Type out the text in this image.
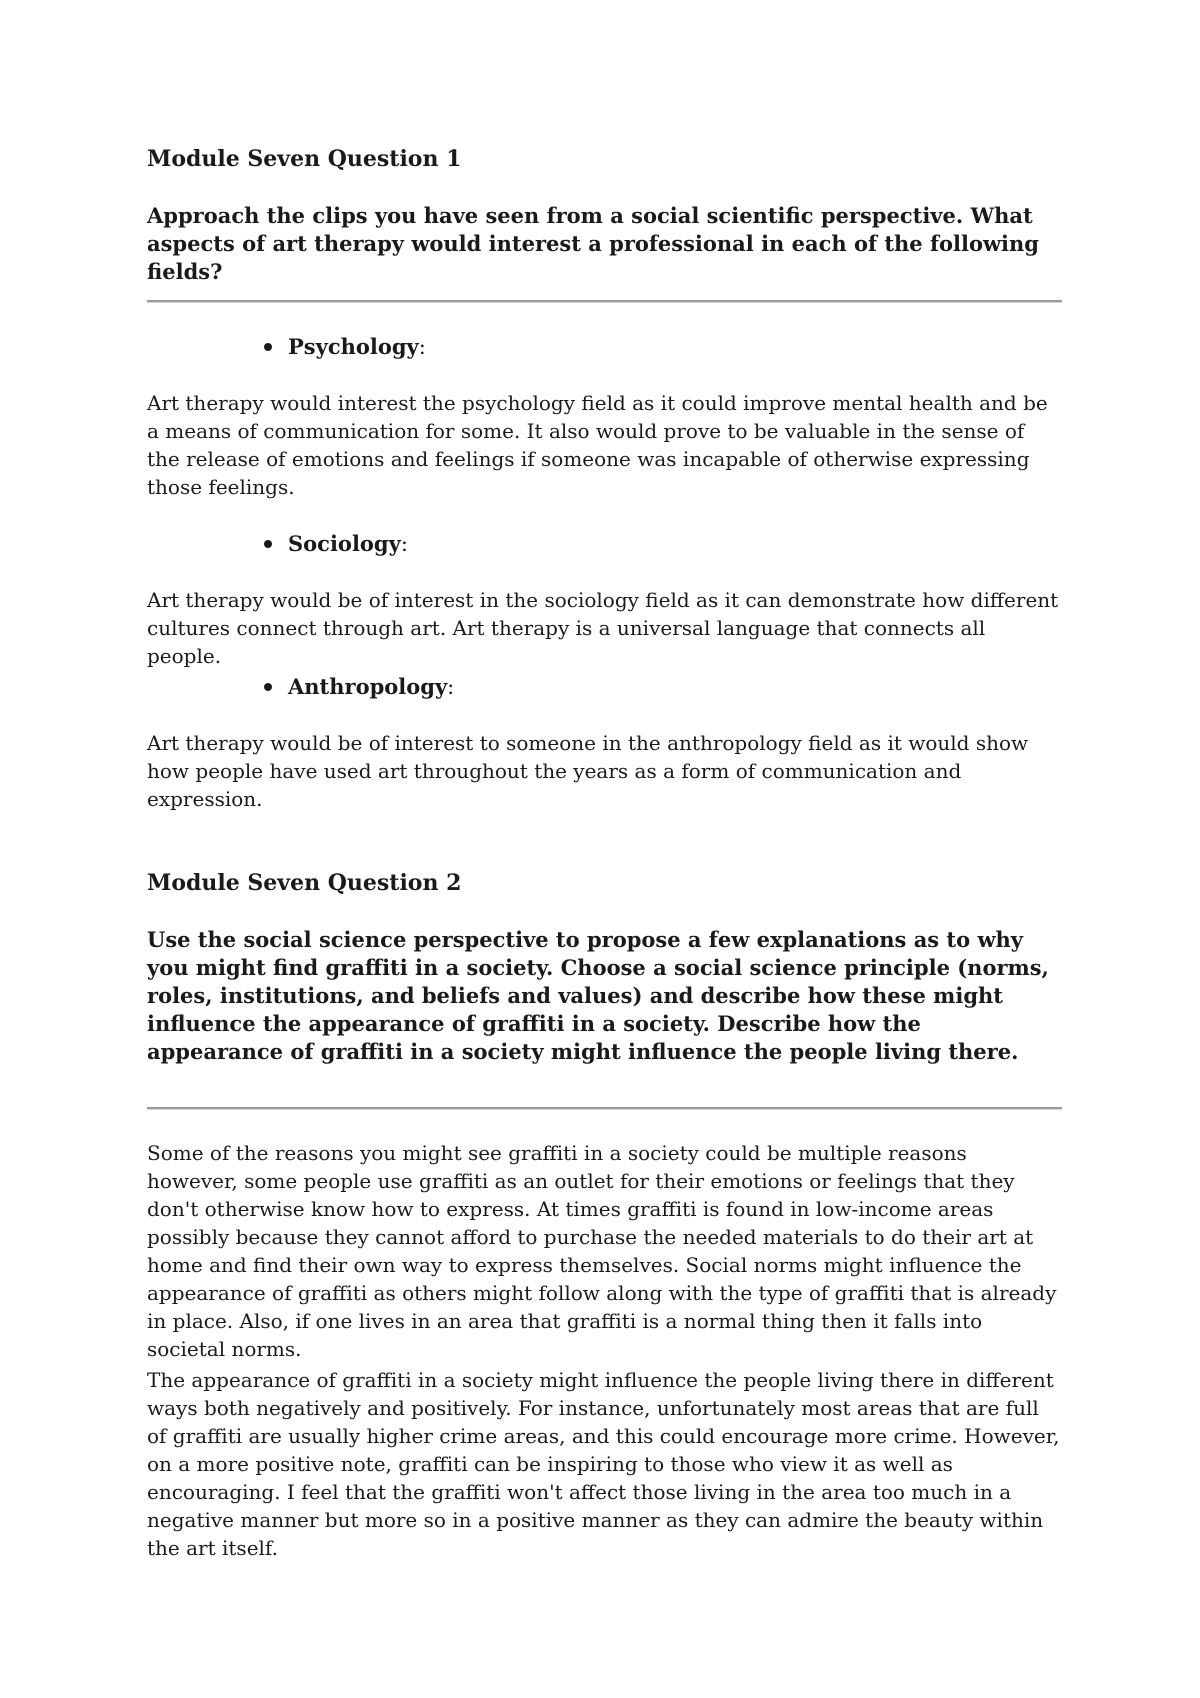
Module Seven Question 1

Approach the clips you have seen from a social scientific perspective. What aspects of art therapy would interest a professional in each of the following fields?

Psychology :

Art therapy would interest the psychology field as it could improve mental health and be a means of communication for some. It also would prove to be valuable in the sense of the release of emotions and feelings if someone was incapable of otherwise expressing those feelings.

Sociology :

Art therapy would be of interest in the sociology field as it can demonstrate how different cultures connect through art. Art therapy is a universal language that connects all people.

Anthropology :

Art therapy would be of interest to someone in the anthropology field as it would show how people have used art throughout the years as a form of communication and expression.

Module Seven Question 2

Use the social science perspective to propose a few explanations as to why you might find graffiti in a society. Choose a social science principle (norms, roles, institutions, and beliefs and values) and describe how these might influence the appearance of graffiti in a society. Describe how the appearance of graffiti in a society might influence the people living there.

Some of the reasons you might see graffiti in a society could be multiple reasons however, some people use graffiti as an outlet for their emotions or feelings that they don't otherwise know how to express. At times graffiti is found in low-income areas possibly because they cannot afford to purchase the needed materials to do their art at home and find their own way to express themselves. Social norms might influence the appearance of graffiti as others might follow along with the type of graffiti that is already in place. Also, if one lives in an area that graffiti is a normal thing then it falls into societal norms.

The appearance of graffiti in a society might influence the people living there in different ways both negatively and positively. For instance, unfortunately most areas that are full of graffiti are usually higher crime areas, and this could encourage more crime. However, on a more positive note, graffiti can be inspiring to those who view it as well as encouraging. I feel that the graffiti won't affect those living in the area too much in a negative manner but more so in a positive manner as they can admire the beauty within the art itself.
